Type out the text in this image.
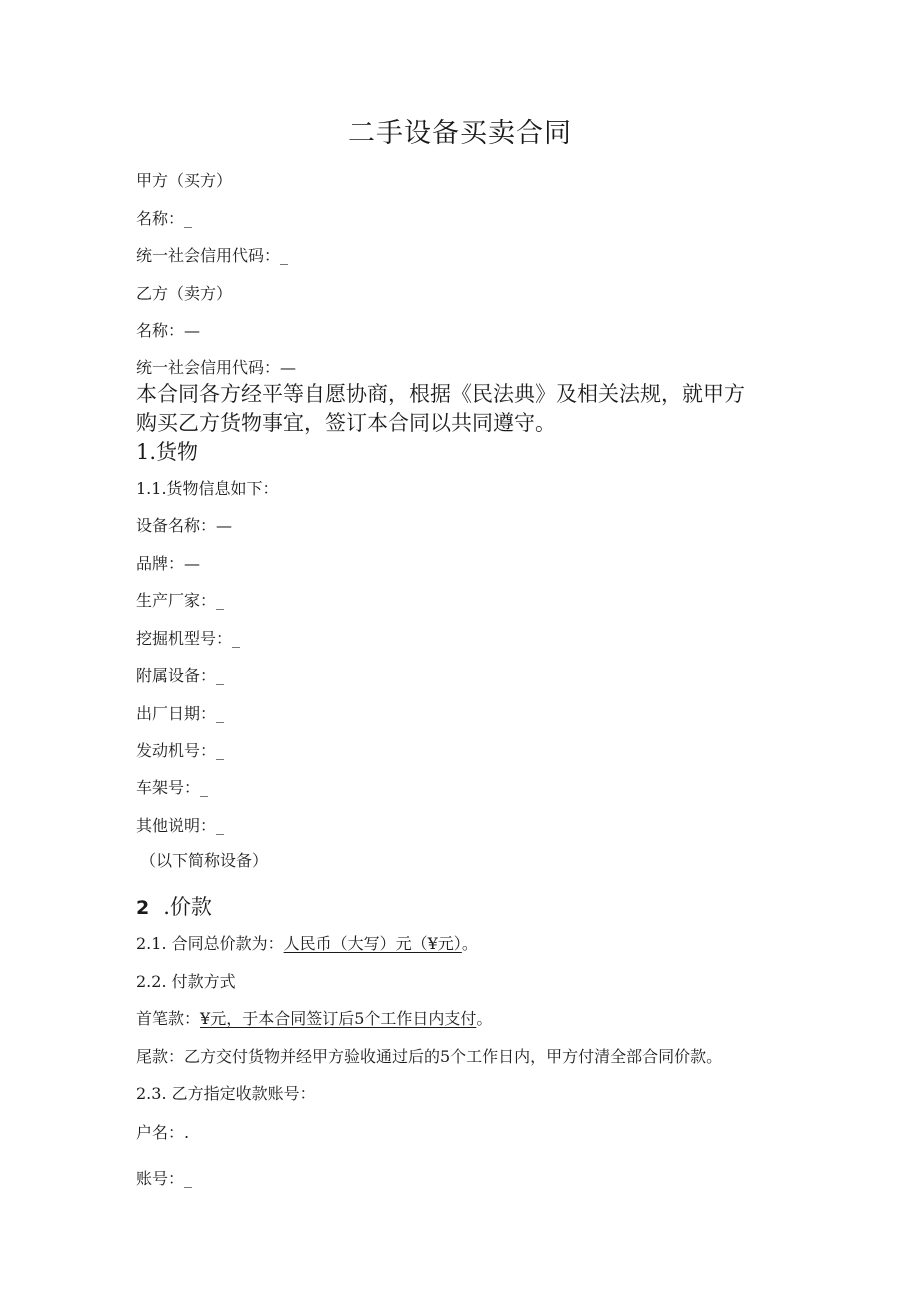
二手设备买卖合同
甲方（买方）
名称：_
统一社会信用代码：_
乙方（卖方）
名称：—
统一社会信用代码：—
本合同各方经平等自愿协商，根据《民法典》及相关法规，就甲方
购买乙方货物事宜，签订本合同以共同遵守。
1.货物
1.1.货物信息如下：
设备名称：—
品牌：—
生产厂家：_
挖掘机型号：_
附属设备：_
出厂日期：_
发动机号：_
车架号：_
其他说明：_
（以下简称设备）
2 .价款
2.1. 合同总价款为：人民币（大写）元（¥元）。
2.2. 付款方式
首笔款：¥元，于本合同签订后5个工作日内支付。
尾款：乙方交付货物并经甲方验收通过后的5个工作日内，甲方付清全部合同价款。
2.3. 乙方指定收款账号：
户名：.
账号：_
